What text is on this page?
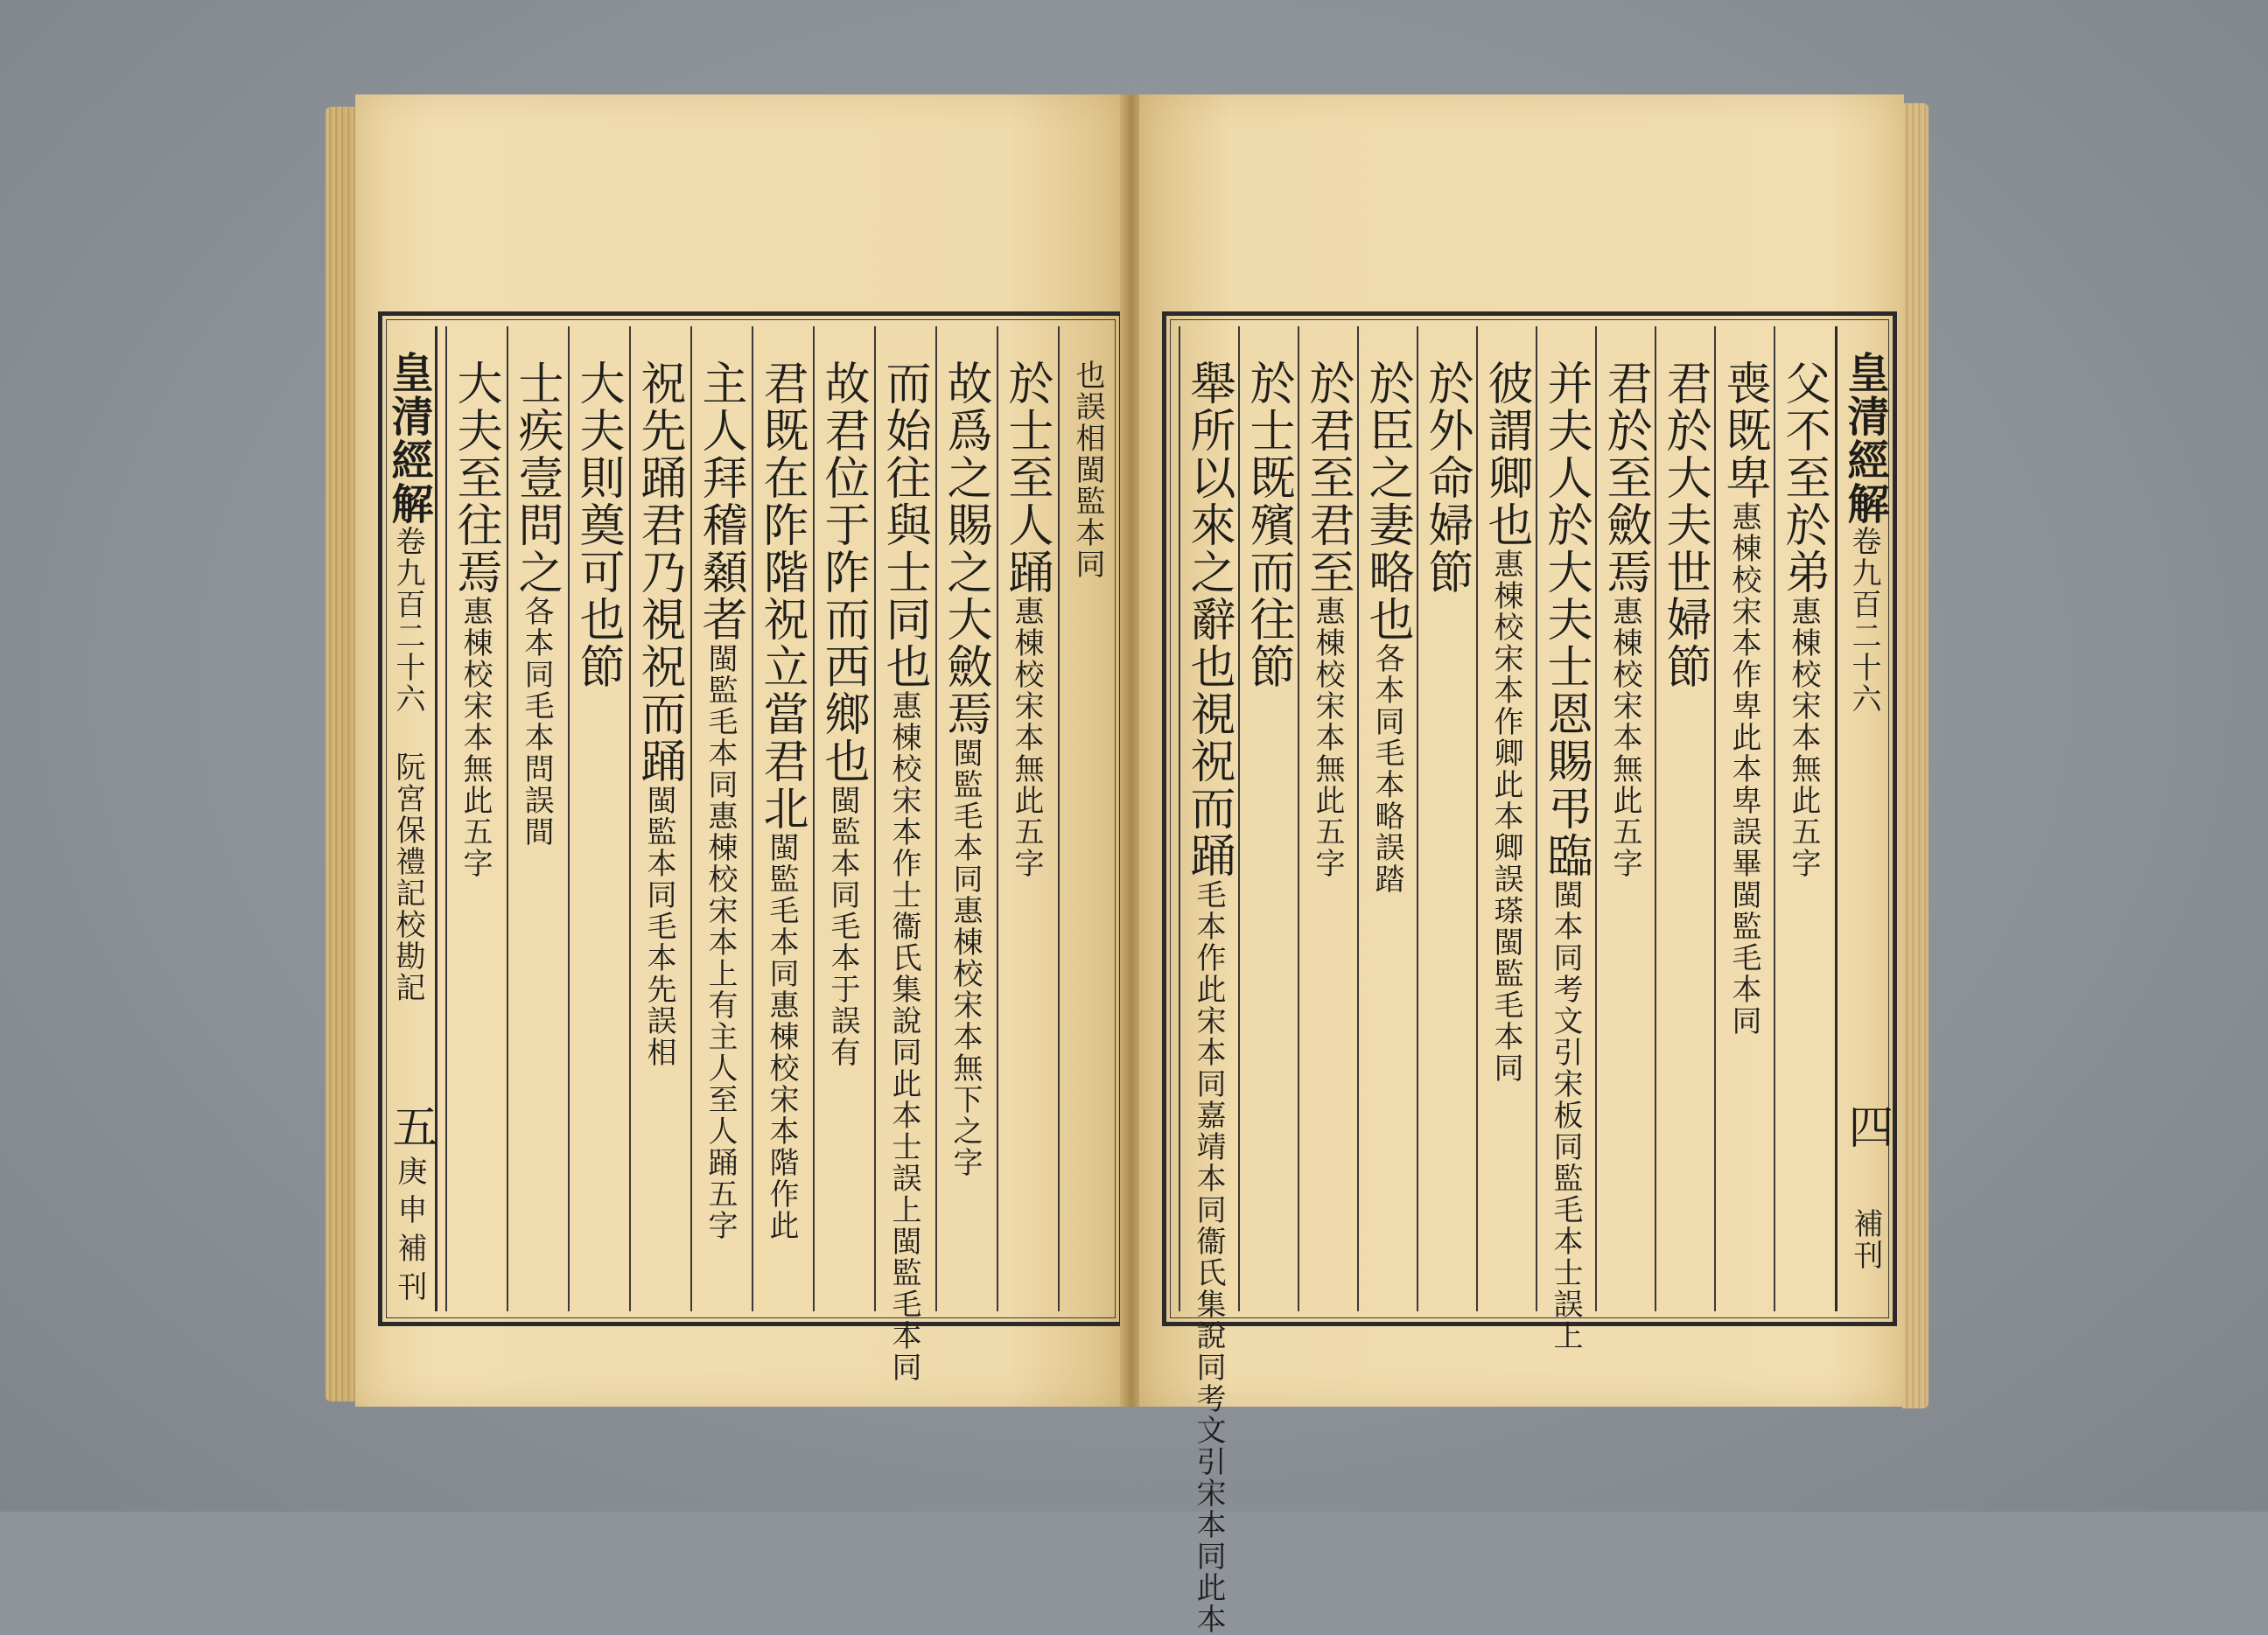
皇清經解
卷九百二十六 阮宮保禮記校勘記
五
庚申補刊
也誤相閩監本同
於士至人踊惠棟校宋本無此五字
故爲之賜之大斂焉閩監毛本同惠棟校宋本無下之字
而始往與士同也惠棟校宋本作士衞氏集說同此本士誤上閩監毛本同
故君位于阼而西鄉也閩監本同毛本于誤有
君既在阼階祝立當君北閩監毛本同惠棟校宋本階作此
主人拜稽顙者閩監毛本同惠棟校宋本上有主人至人踊五字
祝先踊君乃視祝而踊閩監本同毛本先誤相
大夫則奠可也節
士疾壹問之各本同毛本問誤間
大夫至往焉惠棟校宋本無此五字
皇清經解
卷九百二十六
四
補刊
父不至於弟惠棟校宋本無此五字
喪既卑惠棟校宋本作卑此本卑誤畢閩監毛本同
君於大夫世婦節
君於至斂焉惠棟校宋本無此五字
并夫人於大夫士恩賜弔臨閩本同考文引宋板同監毛本士誤上
彼謂卿也惠棟校宋本作卿此本卿誤瑹閩監毛本同
於外命婦節
於臣之妻略也各本同毛本略誤踏
於君至君至惠棟校宋本無此五字
於士既殯而往節
舉所以來之辭也視祝而踊毛本作此宋本同嘉靖本同衞氏集說同考文引宋本同此本
